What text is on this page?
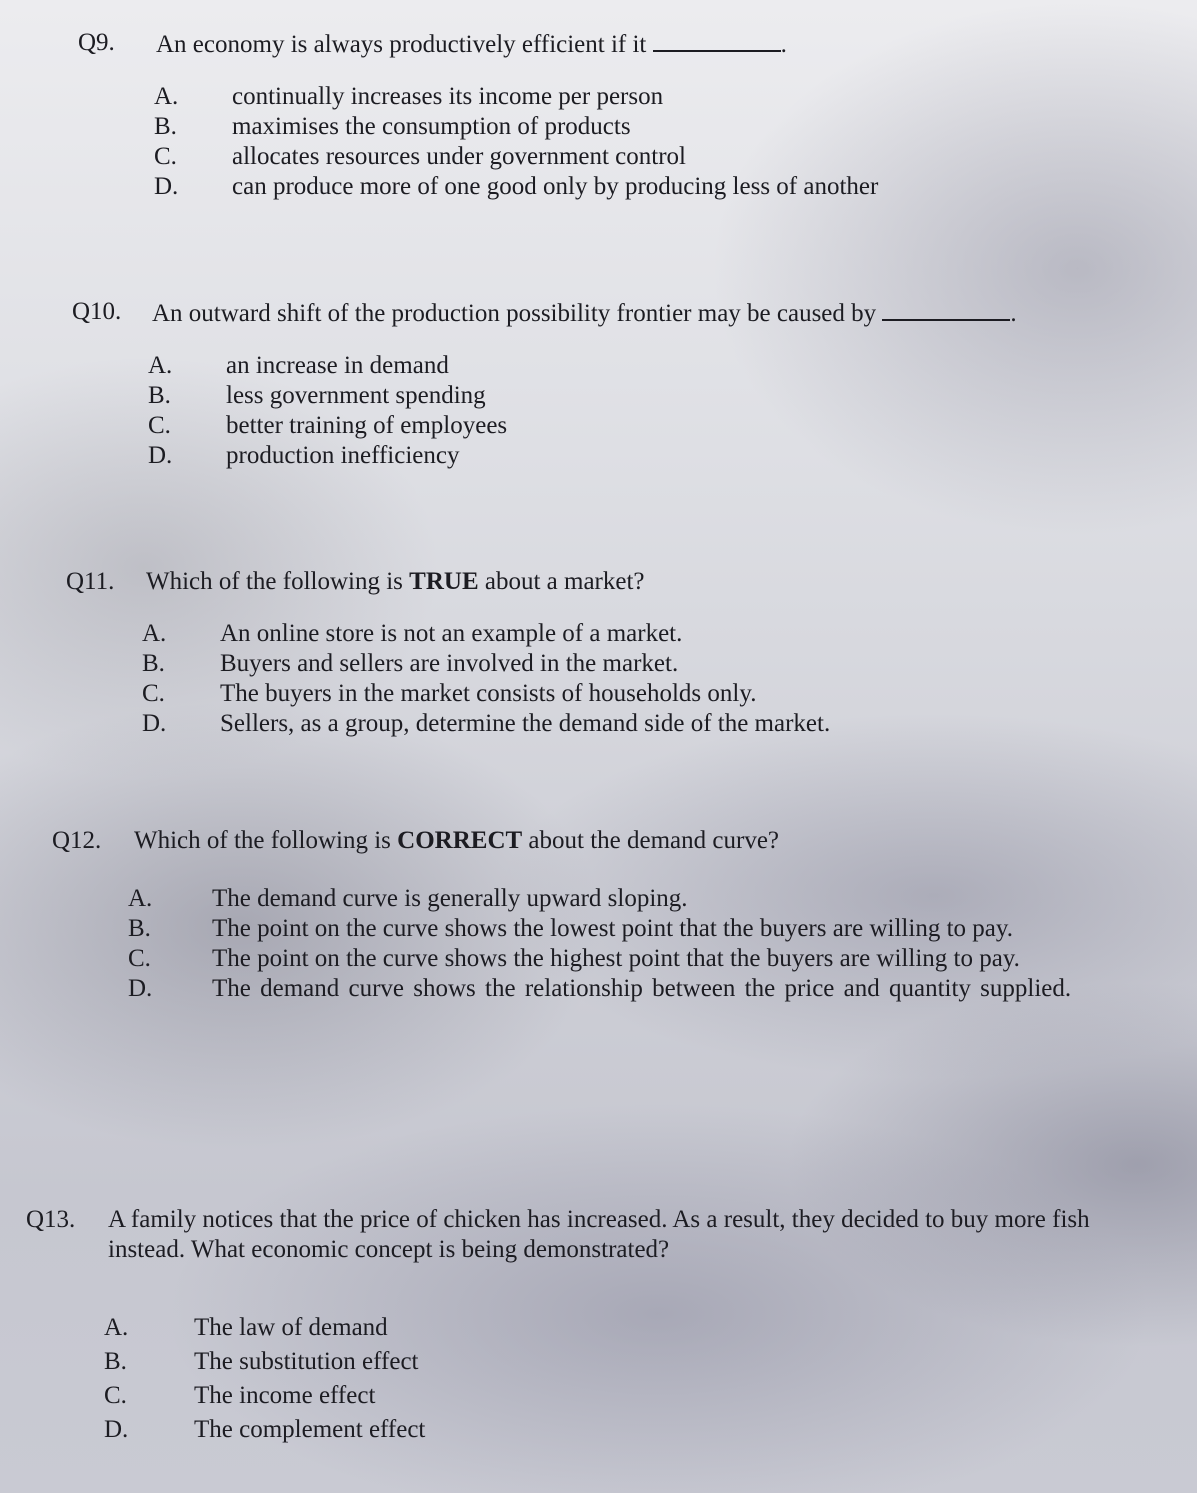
Q9.	An economy is always productively efficient if it	.
A.	continually increases its income per person
B.	maximises the consumption of products
C.	allocates resources under government control
D.	can produce more of one good only by producing less of another
Q10.	An outward shift of the production possibility frontier may be caused by	.
A.	an increase in demand
B.	less government spending
C.	better training of employees
D.	production inefficiency
Q11.	Which of the following is TRUE about a market?
A.	An online store is not an example of a market.
B.	Buyers and sellers are involved in the market.
C.	The buyers in the market consists of households only.
D.	Sellers, as a group, determine the demand side of the market.
Q12.	Which of the following is CORRECT about the demand curve?
A.	The demand curve is generally upward sloping.
B.	The point on the curve shows the lowest point that the buyers are willing to pay.
C.	The point on the curve shows the highest point that the buyers are willing to pay.
D.	The demand curve shows the relationship between the price and quantity supplied.
Q13.	A family notices that the price of chicken has increased. As a result, they decided to buy more fish instead. What economic concept is being demonstrated?
A.	The law of demand
B.	The substitution effect
C.	The income effect
D.	The complement effect
